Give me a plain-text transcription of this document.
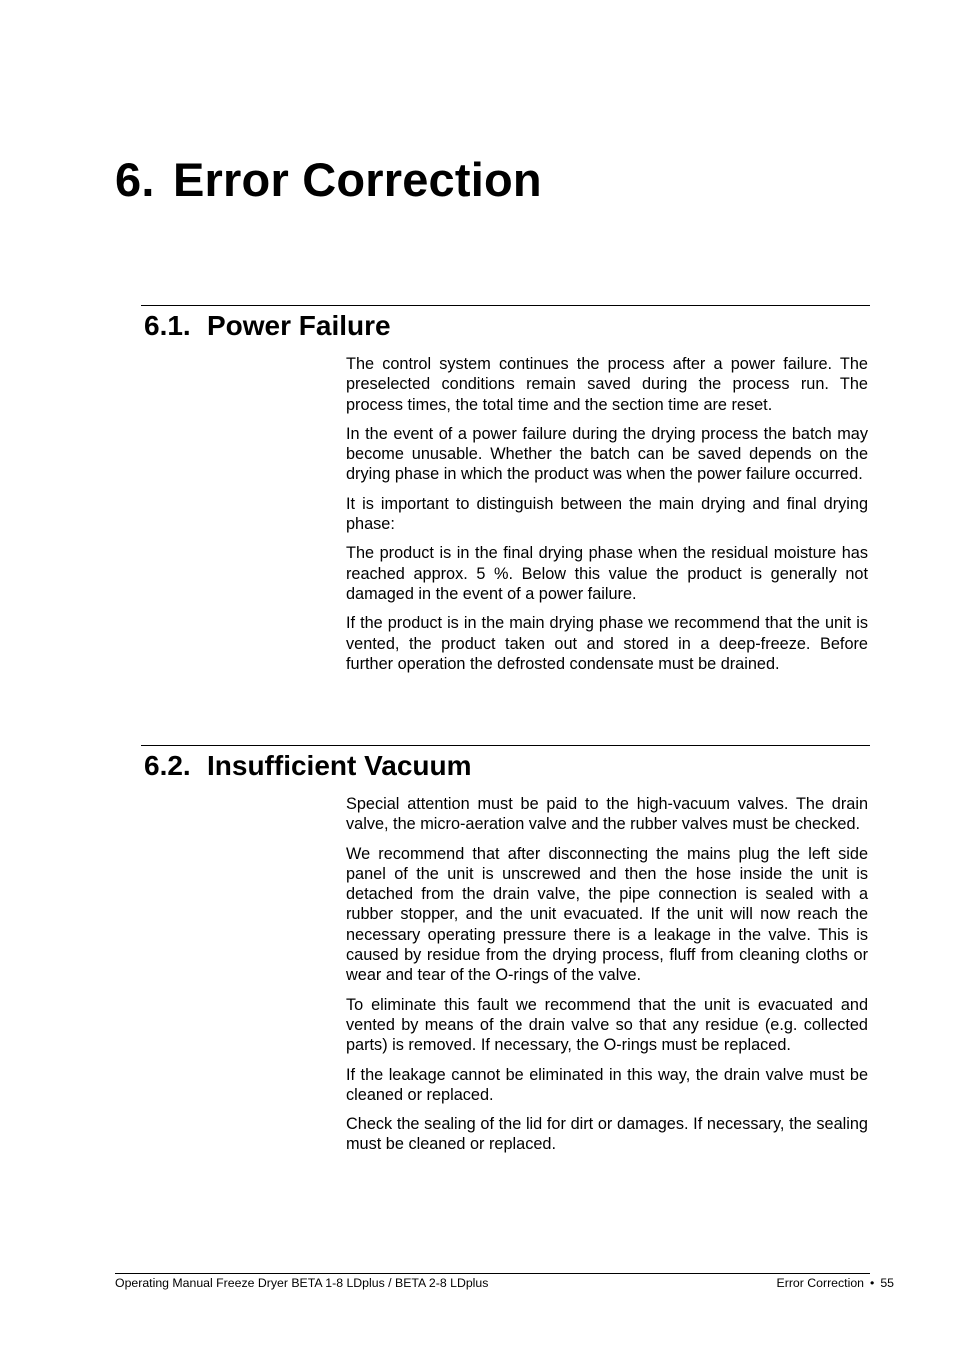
6. Error Correction
6.1. Power Failure

The control system continues the process after a power failure. The preselected conditions remain saved during the process run. The process times, the total time and the section time are reset.

In the event of a power failure during the drying process the batch may become unusable. Whether the batch can be saved depends on the drying phase in which the product was when the power failure occurred.

It is important to distinguish between the main drying and final drying phase:

The product is in the final drying phase when the residual moisture has reached approx. 5 %. Below this value the product is generally not damaged in the event of a power failure.

If the product is in the main drying phase we recommend that the unit is vented, the product taken out and stored in a deep-freeze. Before further operation the defrosted condensate must be drained.

6.2. Insufficient Vacuum

Special attention must be paid to the high-vacuum valves. The drain valve, the micro-aeration valve and the rubber valves must be checked.

We recommend that after disconnecting the mains plug the left side panel of the unit is unscrewed and then the hose inside the unit is detached from the drain valve, the pipe connection is sealed with a rubber stopper, and the unit evacuated. If the unit will now reach the necessary operating pressure there is a leakage in the valve. This is caused by residue from the drying process, fluff from cleaning cloths or wear and tear of the O-rings of the valve.

To eliminate this fault we recommend that the unit is evacuated and vented by means of the drain valve so that any residue (e.g. collected parts) is removed. If necessary, the O-rings must be replaced.

If the leakage cannot be eliminated in this way, the drain valve must be cleaned or replaced.

Check the sealing of the lid for dirt or damages. If necessary, the sealing must be cleaned or replaced.

Operating Manual Freeze Dryer BETA 1-8 LDplus / BETA 2-8 LDplus	Error Correction • 55
